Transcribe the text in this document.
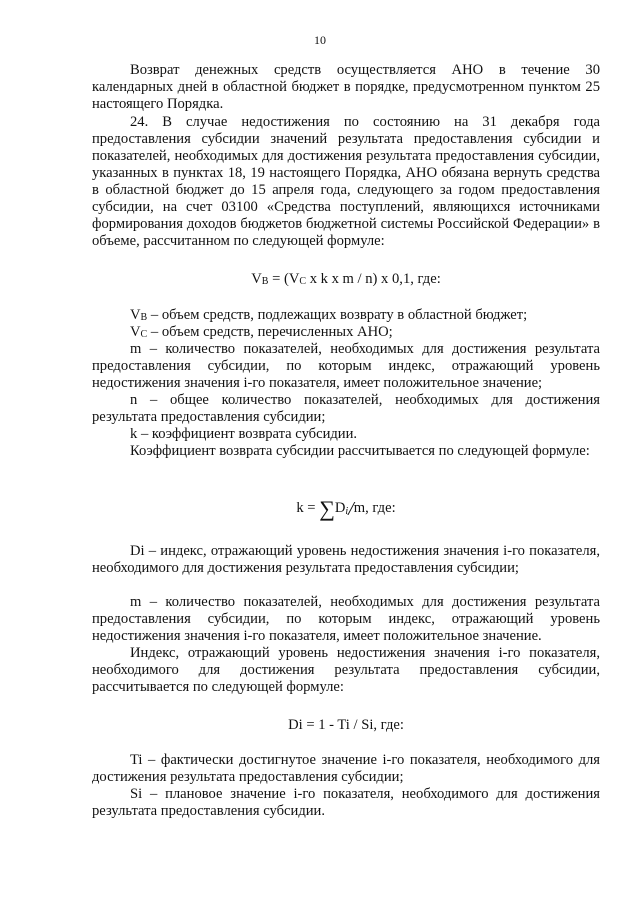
10

Возврат денежных средств осуществляется АНО в течение 30 календарных дней в областной бюджет в порядке, предусмотренном пунктом 25 настоящего Порядка.

24. В случае недостижения по состоянию на 31 декабря года предоставления субсидии значений результата предоставления субсидии и показателей, необходимых для достижения результата предоставления субсидии, указанных в пунктах 18, 19 настоящего Порядка, АНО обязана вернуть средства в областной бюджет до 15 апреля года, следующего за годом предоставления субсидии, на счет 03100 «Средства поступлений, являющихся источниками формирования доходов бюджетов бюджетной системы Российской Федерации» в объеме, рассчитанном по следующей формуле:

$V_B = (V_C$ x k x m / n) x 0,1, где:

$V_B$ – объем средств, подлежащих возврату в областной бюджет;

$V_C$ – объем средств, перечисленных АНО;

m – количество показателей, необходимых для достижения результата предоставления субсидии, по которым индекс, отражающий уровень недостижения значения i-го показателя, имеет положительное значение;

n – общее количество показателей, необходимых для достижения результата предоставления субсидии;

k – коэффициент возврата субсидии.

Коэффициент возврата субсидии рассчитывается по следующей формуле:

k = ∑Di/m, где:

Di – индекс, отражающий уровень недостижения значения i-го показателя, необходимого для достижения результата предоставления субсидии;

m – количество показателей, необходимых для достижения результата предоставления субсидии, по которым индекс, отражающий уровень недостижения значения i-го показателя, имеет положительное значение.

Индекс, отражающий уровень недостижения значения i-го показателя, необходимого для достижения результата предоставления субсидии, рассчитывается по следующей формуле:

Di = 1 - Ti / Si, где:

Ti – фактически достигнутое значение i-го показателя, необходимого для достижения результата предоставления субсидии;

Si – плановое значение i-го показателя, необходимого для достижения результата предоставления субсидии.
